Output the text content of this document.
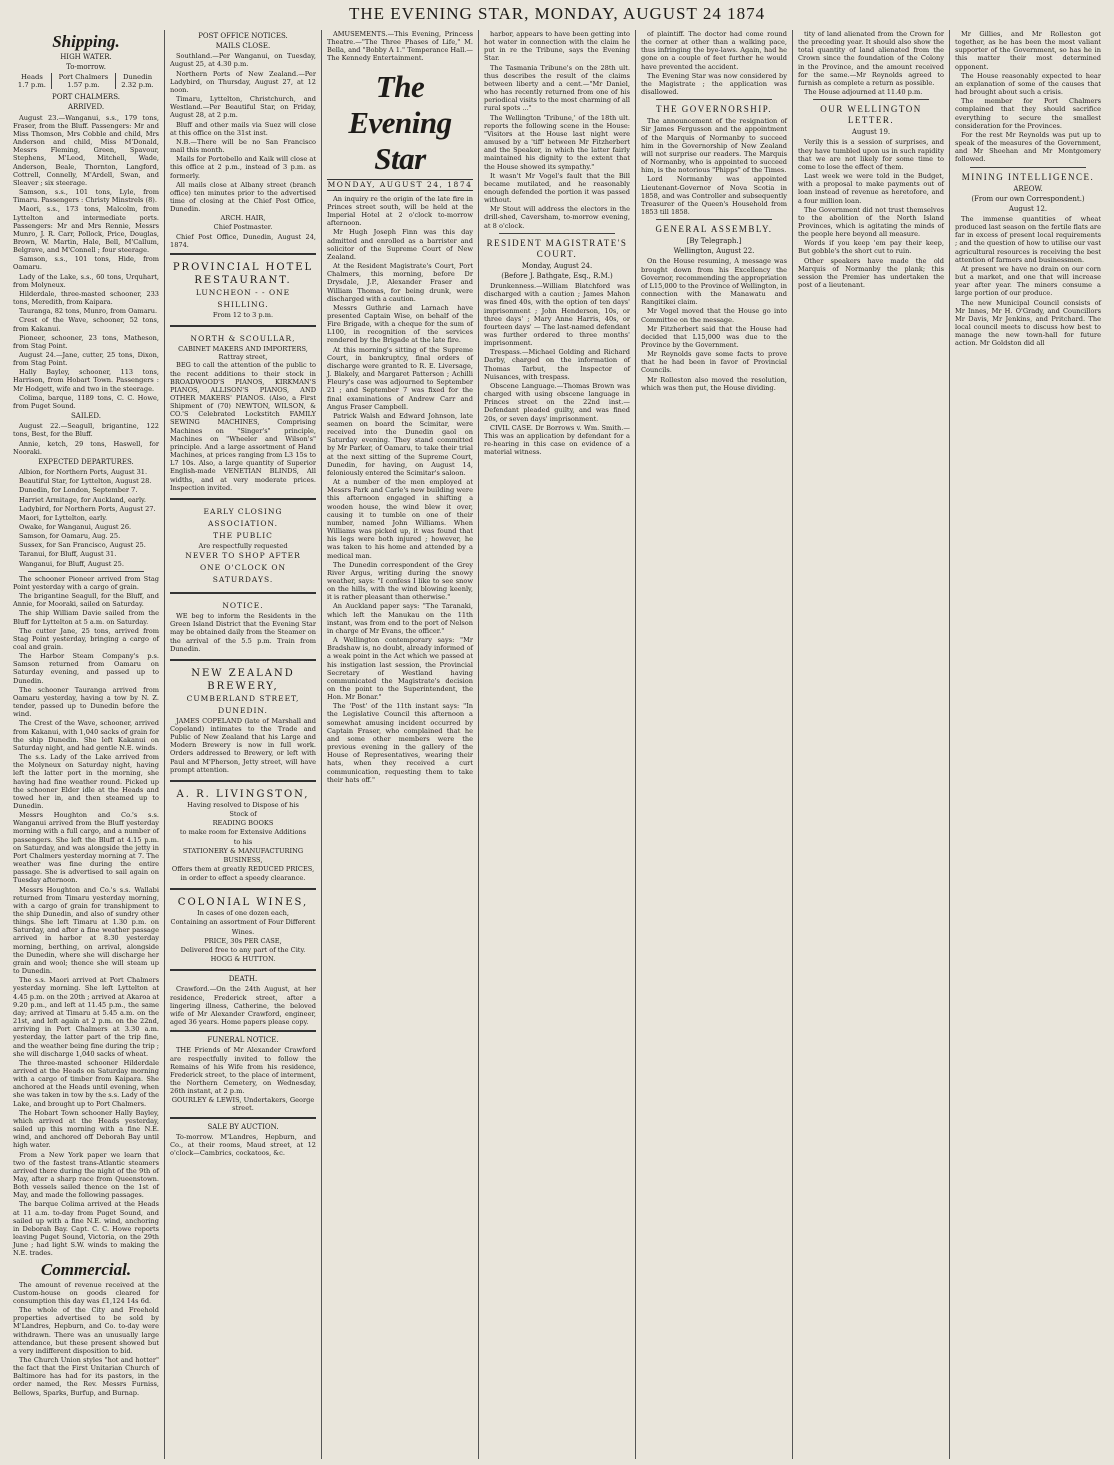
THE EVENING STAR, MONDAY, AUGUST 24 1874
Shipping.
HIGH WATER.
To-morrow.
Heads	Port Chalmers	Dunedin
1.7 p.m.	1.57 p.m.	2.32 p.m.
PORT CHALMERS.
ARRIVED.

August 23.—Wanganui, s.s., 179 tons, Fraser, from the Bluff. Passengers: Mr and Miss Thomson, Mrs Cobble and child, Mrs Anderson and child, Miss M'Donald, Messrs Fleming, Green, Spavour, Stephens, M'Leod, Mitchell, Wade, Anderson, Beale, Thornton, Langford, Cottrell, Connelly, M'Ardell, Swan, and Sleaver ; six steerage.

Samson, s.s., 101 tons, Lyle, from Timaru. Passengers : Christy Minstrels (8).

Maori, s.s., 173 tons, Malcolm, from Lyttelton and intermediate ports. Passengers: Mr and Mrs Rennie, Messrs Munro, J. R. Carr, Pollock, Price, Douglas, Brown, W. Martin, Hale, Bell, M'Callum, Belgrave, and M'Connell ; four steerage.

Samson, s.s., 101 tons, Hide, from Oamaru.

Lady of the Lake, s.s., 60 tons, Urquhart, from Molyneux.

Hilderdale, three-masted schooner, 233 tons, Meredith, from Kaipara.

Tauranga, 82 tons, Munro, from Oamaru.

Crest of the Wave, schooner, 52 tons, from Kakanui.

Pioneer, schooner, 23 tons, Matheson, from Stag Point.

August 24.—Jane, cutter, 25 tons, Dixon, from Stag Point.

Hally Bayley, schooner, 113 tons, Harrison, from Hobart Town. Passengers : Mr Hodgett, wife and two in the steerage.

Colima, barque, 1189 tons, C. C. Howe, from Puget Sound.

SAILED.

August 22.—Seagull, brigantine, 122 tons, Best, for the Bluff.

Annie, ketch, 29 tons, Haswell, for Nooraki.

EXPECTED DEPARTURES.

Albion, for Northern Ports, August 31.

Beautiful Star, for Lyttelton, August 28.

Dunedin, for London, September 7.

Harriet Armitage, for Auckland, early.

Ladybird, for Northern Ports, August 27.

Maori, for Lyttelton, early.

Owake, for Wanganui, August 26.

Samson, for Oamaru, Aug. 25.

Sussex, for San Francisco, August 25.

Taranui, for Bluff, August 31.

Wanganui, for Bluff, August 25.

The schooner Pioneer arrived from Stag Point yesterday with a cargo of grain.

The brigantine Seagull, for the Bluff, and Annie, for Mooraki, sailed on Saturday.

The ship William Davie sailed from the Bluff for Lyttelton at 5 a.m. on Saturday.

The cutter Jane, 25 tons, arrived from Stag Point yesterday, bringing a cargo of coal and grain.

The Harbor Steam Company's p.s. Samson returned from Oamaru on Saturday evening, and passed up to Dunedin.

The schooner Tauranga arrived from Oamaru yesterday, having a tow by N. Z. tender, passed up to Dunedin before the wind.

The Crest of the Wave, schooner, arrived from Kakanui, with 1,040 sacks of grain for the ship Dunedin. She left Kakanui on Saturday night, and had gentle N.E. winds.

The s.s. Lady of the Lake arrived from the Molyneux on Saturday night, having left the latter port in the morning, she having had fine weather round. Picked up the schooner Elder idle at the Heads and towed her in, and then steamed up to Dunedin.

Messrs Houghton and Co.'s s.s. Wanganui arrived from the Bluff yesterday morning with a full cargo, and a number of passengers. She left the Bluff at 4.15 p.m. on Saturday, and was alongside the jetty in Port Chalmers yesterday morning at 7. The weather was fine during the entire passage. She is advertised to sail again on Tuesday afternoon.

Messrs Houghton and Co.'s s.s. Wallabi returned from Timaru yesterday morning, with a cargo of grain for transhipment to the ship Dunedin, and also of sundry other things. She left Timaru at 1.30 p.m. on Saturday, and after a fine weather passage arrived in harbor at 8.30 yesterday morning, berthing, on arrival, alongside the Dunedin, where she will discharge her grain and wool; thence she will steam up to Dunedin.

The s.s. Maori arrived at Port Chalmers yesterday morning. She left Lyttelton at 4.45 p.m. on the 20th ; arrived at Akaroa at 9.20 p.m., and left at 11.45 p.m., the same day; arrived at Timaru at 5.45 a.m. on the 21st, and left again at 2 p.m. on the 22nd, arriving in Port Chalmers at 3.30 a.m. yesterday, the latter part of the trip fine, and the weather being fine during the trip ; she will discharge 1,040 sacks of wheat.

The three-masted schooner Hilderdale arrived at the Heads on Saturday morning with a cargo of timber from Kaipara. She anchored at the Heads until evening, when she was taken in tow by the s.s. Lady of the Lake, and brought up to Port Chalmers.

The Hobart Town schooner Hally Bayley, which arrived at the Heads yesterday, sailed up this morning with a fine N.E. wind, and anchored off Deborah Bay until high water.

From a New York paper we learn that two of the fastest trans-Atlantic steamers arrived there during the night of the 9th of May, after a sharp race from Queenstown. Both vessels sailed thence on the 1st of May, and made the following passages.

The barque Colima arrived at the Heads at 11 a.m. to-day from Puget Sound, and sailed up with a fine N.E. wind, anchoring in Deborah Bay. Capt. C. C. Howe reports leaving Puget Sound, Victoria, on the 29th June ; had light S.W. winds to making the N.E. trades.

Commercial.

The amount of revenue received at the Custom-house on goods cleared for consumption this day was £1,124 14s 6d.

The whole of the City and Freehold properties advertised to be sold by M'Landres, Hepburn, and Co. to-day were withdrawn. There was an unusually large attendance, but these present showed but a very indifferent disposition to bid.

The Church Union styles "hot and hotter" the fact that the First Unitarian Church of Baltimore has had for its pastors, in the order named, the Rev. Messrs Furniss, Bellows, Sparks, Burfup, and Burnap.

POST OFFICE NOTICES.
MAILS CLOSE.

Southland.—Per Wanganui, on Tuesday, August 25, at 4.30 p.m.

Northern Ports of New Zealand.—Per Ladybird, on Thursday, August 27, at 12 noon.

Timaru, Lyttelton, Christchurch, and Westland.—Per Beautiful Star, on Friday, August 28, at 2 p.m.

Bluff and other mails via Suez will close at this office on the 31st inst.

N.B.—There will be no San Francisco mail this month.

Mails for Portobello and Kaik will close at this office at 2 p.m., instead of 3 p.m. as formerly.

All mails close at Albany street (branch office) ten minutes prior to the advertised time of closing at the Chief Post Office, Dunedin.

ARCH. HAIR,

Chief Postmaster.

Chief Post Office, Dunedin, August 24, 1874.

PROVINCIAL HOTEL RESTAURANT.
LUNCHEON - - ONE SHILLING.
From 12 to 3 p.m.
NORTH & SCOULLAR,
CABINET MAKERS AND IMPORTERS, Rattray street,

BEG to call the attention of the public to the recent additions to their stock in BROADWOOD'S PIANOS, KIRKMAN'S PIANOS, ALLISON'S PIANOS, AND OTHER MAKERS' PIANOS. (Also, a First Shipment of (70) NEWTON, WILSON, & CO.'S Celebrated Lockstitch FAMILY SEWING MACHINES, Comprising Machines on "Singer's" principle, Machines on "Wheeler and Wilson's" principle. And a large assortment of Hand Machines, at prices ranging from L3 15s to L7 10s. Also, a large quantity of Superior English-made VENETIAN BLINDS, All widths, and at very moderate prices. Inspection invited.

EARLY CLOSING ASSOCIATION.
THE PUBLIC
Are respectfully requested
NEVER TO SHOP AFTER
ONE O'CLOCK ON SATURDAYS.
NOTICE.

WE beg to inform the Residents in the Green Island District that the Evening Star may be obtained daily from the Steamer on the arrival of the 5.5 p.m. Train from Dunedin.

NEW ZEALAND BREWERY,
CUMBERLAND STREET,
DUNEDIN.

JAMES COPELAND (late of Marshall and Copeland) intimates to the Trade and Public of New Zealand that his Large and Modern Brewery is now in full work. Orders addressed to Brewery, or left with Paul and M'Pherson, Jetty street, will have prompt attention.

A. R. LIVINGSTON,

Having resolved to Dispose of his

Stock of

READING BOOKS

to make room for Extensive Additions

to his

STATIONERY & MANUFACTURING

BUSINESS,

Offers them at greatly REDUCED PRICES,

in order to effect a speedy clearance.

COLONIAL WINES,

In cases of one dozen each,

Containing an assortment of Four Different

Wines.

PRICE, 30s PER CASE,

Delivered free to any part of the City.

HOGG & HUTTON.

DEATH.

Crawford.—On the 24th August, at her residence, Frederick street, after a lingering illness, Catherine, the beloved wife of Mr Alexander Crawford, engineer, aged 36 years. Home papers please copy.

FUNERAL NOTICE.

THE Friends of Mr Alexander Crawford are respectfully invited to follow the Remains of his Wife from his residence, Frederick street, to the place of interment, the Northern Cemetery, on Wednesday, 26th instant, at 2 p.m.

GOURLEY & LEWIS, Undertakers, George street.

SALE BY AUCTION.

To-morrow. M'Landres, Hepburn, and Co., at their rooms, Maud street, at 12 o'clock—Cambrics, cockatoos, &c.

AMUSEMENTS.—This Evening, Princess Theatre.—"The Three Phases of Life," M. Bella, and "Bobby A 1." Temperance Hall.—The Kennedy Entertainment.

The Evening Star
MONDAY, AUGUST 24, 1874

An inquiry re the origin of the late fire in Princes street south, will be held at the Imperial Hotel at 2 o'clock to-morrow afternoon.

Mr Hugh Joseph Finn was this day admitted and enrolled as a barrister and solicitor of the Supreme Court of New Zealand.

At the Resident Magistrate's Court, Port Chalmers, this morning, before Dr Drysdale, J.P., Alexander Fraser and William Thomas, for being drunk, were discharged with a caution.

Messrs Guthrie and Larnach have presented Captain Wise, on behalf of the Fire Brigade, with a cheque for the sum of L100, in recognition of the services rendered by the Brigade at the late fire.

At this morning's sitting of the Supreme Court, in bankruptcy, final orders of discharge were granted to R. E. Liversage, J. Blakely, and Margaret Patterson ; Achilli Fleury's case was adjourned to September 21 ; and September 7 was fixed for the final examinations of Andrew Carr and Angus Fraser Campbell.

Patrick Walsh and Edward Johnson, late seamen on board the Scimitar, were received into the Dunedin gaol on Saturday evening. They stand committed by Mr Parker, of Oamaru, to take their trial at the next sitting of the Supreme Court, Dunedin, for having, on August 14, feloniously entered the Scimitar's saloon.

At a number of the men employed at Messrs Park and Carle's new building were this afternoon engaged in shifting a wooden house, the wind blew it over, causing it to tumble on one of their number, named John Williams. When Williams was picked up, it was found that his legs were both injured ; however, he was taken to his home and attended by a medical man.

The Dunedin correspondent of the Grey River Argus, writing during the snowy weather, says: "I confess I like to see snow on the hills, with the wind blowing keenly, it is rather pleasant than otherwise."

An Auckland paper says: "The Taranaki, which left the Manukau on the 11th instant, was from end to the port of Nelson in charge of Mr Evans, the officer."

A Wellington contemporary says: "Mr Bradshaw is, no doubt, already informed of a weak point in the Act which we passed at his instigation last session, the Provincial Secretary of Westland having communicated the Magistrate's decision on the point to the Superintendent, the Hon. Mr Bonar."

The 'Post' of the 11th instant says: "In the Legislative Council this afternoon a somewhat amusing incident occurred by Captain Fraser, who complained that he and some other members were the previous evening in the gallery of the House of Representatives, wearing their hats, when they received a curt communication, requesting them to take their hats off."

harbor, appears to have been getting into hot water in connection with the claim he put in re the Tribune, says the Evening Star.

The Tasmania Tribune's on the 28th ult. thus describes the result of the claims between liberty and a cent.—"Mr Daniel, who has recently returned from one of his periodical visits to the most charming of all rural spots ..."

The Wellington 'Tribune,' of the 18th ult. reports the following scene in the House: "Visitors at the House last night were amused by a 'tiff' between Mr Fitzherbert and the Speaker, in which the latter fairly maintained his dignity to the extent that the House showed its sympathy."

It wasn't Mr Vogel's fault that the Bill became mutilated, and he reasonably enough defended the portion it was passed without.

Mr Stout will address the electors in the drill-shed, Caversham, to-morrow evening, at 8 o'clock.

RESIDENT MAGISTRATE'S COURT.
Monday, August 24.
(Before J. Bathgate, Esq., R.M.)

Drunkenness.—William Blatchford was discharged with a caution ; James Mahon was fined 40s, with the option of ten days' imprisonment ; John Henderson, 10s, or three days' ; Mary Anne Harris, 40s, or fourteen days' — The last-named defendant was further ordered to three months' imprisonment.

Trespass.—Michael Golding and Richard Darby, charged on the information of Thomas Tarbut, the Inspector of Nuisances, with trespass.

Obscene Language.—Thomas Brown was charged with using obscene language in Princes street on the 22nd inst.—Defendant pleaded guilty, and was fined 20s, or seven days' imprisonment.

CIVIL CASE. Dr Borrows v. Wm. Smith.—This was an application by defendant for a re-hearing in this case on evidence of a material witness.

of plaintiff. The doctor had come round the corner at other than a walking pace, thus infringing the bye-laws. Again, had he gone on a couple of feet further he would have prevented the accident.

The Evening Star was now considered by the Magistrate ; the application was disallowed.

THE GOVERNORSHIP.

The announcement of the resignation of Sir James Fergusson and the appointment of the Marquis of Normanby to succeed him in the Governorship of New Zealand will not surprise our readers. The Marquis of Normanby, who is appointed to succeed him, is the notorious "Phipps" of the Times.

Lord Normanby was appointed Lieutenant-Governor of Nova Scotia in 1858, and was Controller and subsequently Treasurer of the Queen's Household from 1853 till 1858.

GENERAL ASSEMBLY.
[By Telegraph.]
Wellington, August 22.

On the House resuming, A message was brought down from his Excellency the Governor, recommending the appropriation of L15,000 to the Province of Wellington, in connection with the Manawatu and Rangitikei claim.

Mr Vogel moved that the House go into Committee on the message.

Mr Fitzherbert said that the House had decided that L15,000 was due to the Province by the Government.

Mr Reynolds gave some facts to prove that he had been in favor of Provincial Councils.

Mr Rolleston also moved the resolution, which was then put, the House dividing.

tity of land alienated from the Crown for the preceding year. It should also show the total quantity of land alienated from the Crown since the foundation of the Colony in the Province, and the amount received for the same.—Mr Reynolds agreed to furnish as complete a return as possible.

The House adjourned at 11.40 p.m.

OUR WELLINGTON LETTER.
August 19.

Verily this is a session of surprises, and they have tumbled upon us in such rapidity that we are not likely for some time to come to lose the effect of them.

Last week we were told in the Budget, with a proposal to make payments out of loan instead of revenue as heretofore, and a four million loan.

The Government did not trust themselves to the abolition of the North Island Provinces, which is agitating the minds of the people here beyond all measure.

Words if you keep 'em pay their keep, But gobble's the short cut to ruin.

Other speakers have made the old Marquis of Normanby the plank; this session the Premier has undertaken the post of a lieutenant.

Mr Gillies, and Mr Rolleston got together, as he has been the most valiant supporter of the Government, so has he in this matter their most determined opponent.

The House reasonably expected to hear an explanation of some of the causes that had brought about such a crisis.

The member for Port Chalmers complained that they should sacrifice everything to secure the smallest consideration for the Provinces.

For the rest Mr Reynolds was put up to speak of the measures of the Government, and Mr Sheehan and Mr Montgomery followed.

MINING INTELLIGENCE.
AREOW.
(From our own Correspondent.)
August 12.

The immense quantities of wheat produced last season on the fertile flats are far in excess of present local requirements ; and the question of how to utilise our vast agricultural resources is receiving the best attention of farmers and businessmen.

At present we have no drain on our corn but a market, and one that will increase year after year. The miners consume a large portion of our produce.

The new Municipal Council consists of Mr Innes, Mr H. O'Grady, and Councillors Mr Davis, Mr Jenkins, and Pritchard. The local council meets to discuss how best to manage the new town-hall for future action. Mr Goldston did all
